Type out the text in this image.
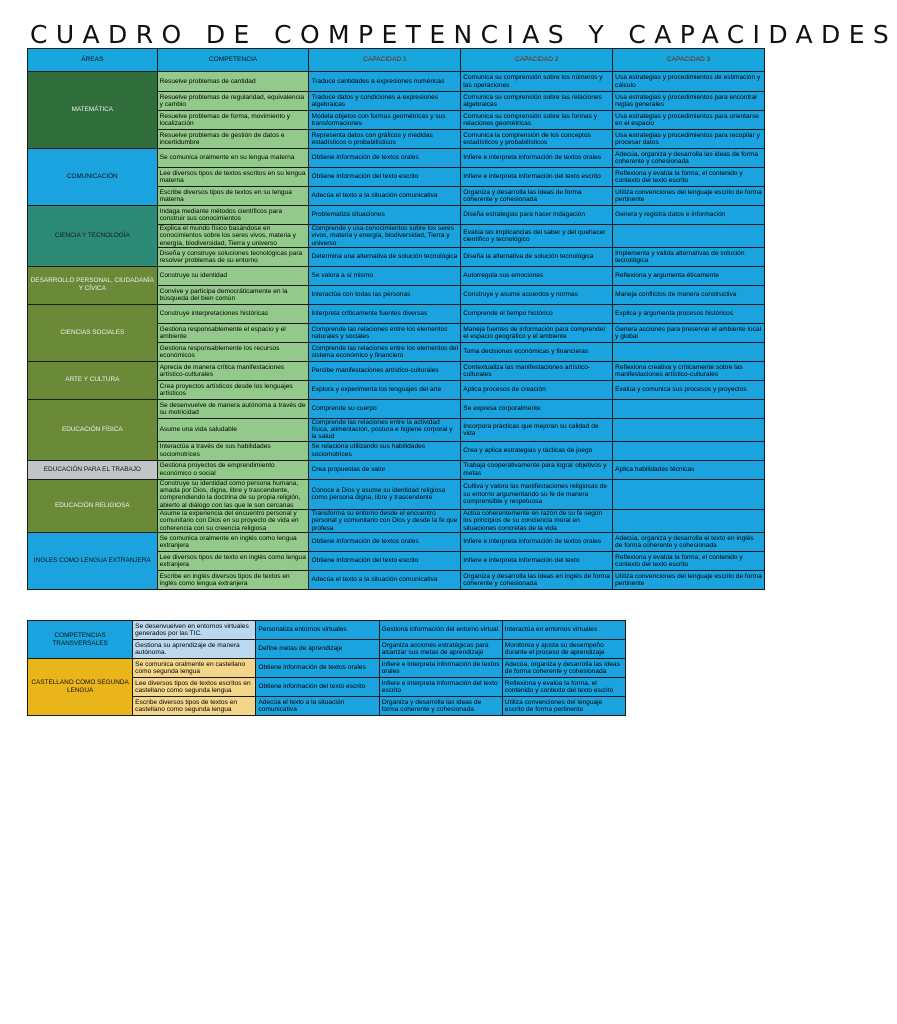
CUADRO DE COMPETENCIAS Y CAPACIDADES
ÁREAS	COMPETENCIA	CAPACIDAD 1	CAPACIDAD 2	CAPACIDAD 3
MATEMÁTICA	Resuelve problemas de cantidad	Traduce cantidades a expresiones numéricas	Comunica su comprensión sobre los números y las operaciones	Usa estrategias y procedimientos de estimación y cálculo
	Resuelve problemas de regularidad, equivalencia y cambio	Traduce datos y condiciones a expresiones algebraicas	Comunica su comprensión sobre las relaciones algebraicas	Usa estrategias y procedimientos para encontrar reglas generales
	Resuelve problemas de forma, movimiento y localización	Modela objetos con formas geométricas y sus transformaciones	Comunica su comprensión sobre las formas y relaciones geométricas	Usa estrategias y procedimientos para orientarse en el espacio
	Resuelve problemas de gestión de datos e incertidumbre	Representa datos con gráficos y medidas estadísticos o probabilísticos	Comunica la comprensión de los conceptos estadísticos y probabilísticos	Usa estrategias y procedimientos para recopilar y procesar datos
COMUNICACIÓN	Se comunica oralmente en su lengua materna	Obtiene información de textos orales	Infiere e interpreta información de textos orales	Adecúa, organiza y desarrolla las ideas de forma coherente y cohesionada
	Lee diversos tipos de textos escritos en su lengua materna	Obtiene información del texto escrito	Infiere e interpreta información del texto escrito	Reflexiona y evalúa la forma, el contenido y contexto del texto escrito
	Escribe diversos tipos de textos en su lengua materna	Adecúa el texto a la situación comunicativa	Organiza y desarrolla las ideas de forma coherente y cohesionada	Utiliza convenciones del lenguaje escrito de forma pertinente
CIENCIA Y TECNOLOGÍA	Indaga mediante métodos científicos para construir sus conocimientos	Problematiza situaciones	Diseña estrategias para hacer indagación	Genera y registra datos e información
	Explica el mundo físico basándose en conocimientos sobre los seres vivos, materia y energía, biodiversidad, Tierra y universo	Comprende y usa conocimientos sobre los seres vivos, materia y energía, biodiversidad, Tierra y universo	Evalúa las implicancias del saber y del quehacer científico y tecnológico	
	Diseña y construye soluciones tecnológicas para resolver problemas de su entorno	Determina una alternativa de solución tecnológica	Diseña la alternativa de solución tecnológica	Implementa y valida alternativas de solución tecnológica
DESARROLLO PERSONAL, CIUDADANÍA Y CÍVICA	Construye su identidad	Se valora a sí mismo	Autorregula sus emociones	Reflexiona y argumenta éticamente
	Convive y participa democráticamente en la búsqueda del bien común	Interactúa con todas las personas	Construye y asume acuerdos y normas	Maneja conflictos de manera constructiva
CIENCIAS SOCIALES	Construye interpretaciones históricas	Interpreta críticamente fuentes diversas	Comprende el tiempo histórico	Explica y argumenta procesos históricos
	Gestiona responsablemente el espacio y el ambiente	Comprende las relaciones entre los elementos naturales y sociales	Maneja fuentes de información para comprender el espacio geográfico y el ambiente	Genera acciones para preservar el ambiente local y global
	Gestiona responsablemente los recursos económicos	Comprende las relaciones entre los elementos del sistema económico y financiero	Toma decisiones económicas y financieras	
ARTE Y CULTURA	Aprecia de manera crítica manifestaciones artístico-culturales	Percibe manifestaciones artístico-culturales	Contextualiza las manifestaciones artístico-culturales	Reflexiona creativa y críticamente sobre las manifestaciones artístico-culturales
	Crea proyectos artísticos desde los lenguajes artísticos	Explora y experimenta los lenguajes del arte	Aplica procesos de creación	Evalúa y comunica sus procesos y proyectos
EDUCACIÓN FÍSICA	Se desenvuelve de manera autónoma a través de su motricidad	Comprende su cuerpo	Se expresa corporalmente	
	Asume una vida saludable	Comprende las relaciones entre la actividad física, alimentación, postura e higiene corporal y la salud	Incorpora prácticas que mejoran su calidad de vida	
	Interactúa a través de sus habilidades sociomotrices	Se relaciona utilizando sus habilidades sociomotrices	Crea y aplica estrategias y tácticas de juego	
EDUCACIÓN PARA EL TRABAJO	Gestiona proyectos de emprendimiento económico o social	Crea propuestas de valor	Trabaja cooperativamente para lograr objetivos y metas	Aplica habilidades técnicas
EDUCACIÓN RELIGIOSA	Construye su identidad como persona humana, amada por Dios, digna, libre y trascendente, comprendiendo la doctrina de su propia religión, abierto al diálogo con las que le son cercanas	Conoce a Dios y asume su identidad religiosa como persona digna, libre y trascendente	Cultiva y valora las manifestaciones religiosas de su entorno argumentando su fe de manera comprensible y respetuosa	
	Asume la experiencia del encuentro personal y comunitario con Dios en su proyecto de vida en coherencia con su creencia religiosa	Transforma su entorno desde el encuentro personal y comunitario con Dios y desde la fe que profesa	Actúa coherentemente en razón de su fe según los principios de su conciencia moral en situaciones concretas de la vida	
INGLES COMO LENGUA EXTRANJERA	Se comunica oralmente en inglés como lengua extranjera	Obtiene información de textos orales	Infiere e interpreta información de textos orales	Adecúa, organiza y desarrolla el texto en inglés de forma coherente y cohesionada
	Lee diversos tipos de texto en inglés como lengua extranjera	Obtiene información del texto escrito	Infiere e interpreta información del texto	Reflexiona y evalúa la forma, el contenido y contexto del texto escrito
	Escribe en inglés diversos tipos de textos en inglés como lengua extranjera	Adecúa el texto a la situación comunicativa	Organiza y desarrolla las ideas en inglés de forma coherente y cohesionada	Utiliza convenciones del lenguaje escrito de forma pertinente
COMPETENCIAS TRANSVERSALES	Se desenvuelven en entornos virtuales generados por las TIC.	Personaliza entornos virtuales	Gestiona información del entorno virtual	Interactúa en entornos virtuales
	Gestiona su aprendizaje de manera autónoma.	Define metas de aprendizaje	Organiza acciones estratégicas para alcanzar sus metas de aprendizaje	Monitorea y ajusta su desempeño durante el proceso de aprendizaje
CASTELLANO COMO SEGUNDA LENGUA	Se comunica oralmente en castellano como segunda lengua	Obtiene información de textos orales	Infiere e interpreta información de textos orales	Adecúa, organiza y desarrolla las ideas de forma coherente y cohesionada
	Lee diversos tipos de textos escritos en castellano como segunda lengua	Obtiene información del texto escrito	Infiere e interpreta información del texto escrito	Reflexiona y evalúa la forma, el contenido y contexto del texto escrito
	Escribe diversos tipos de textos en castellano como segunda lengua	Adecúa el texto a la situación comunicativa	Organiza y desarrolla las ideas de forma coherente y cohesionada	Utiliza convenciones del lenguaje escrito de forma pertinente
